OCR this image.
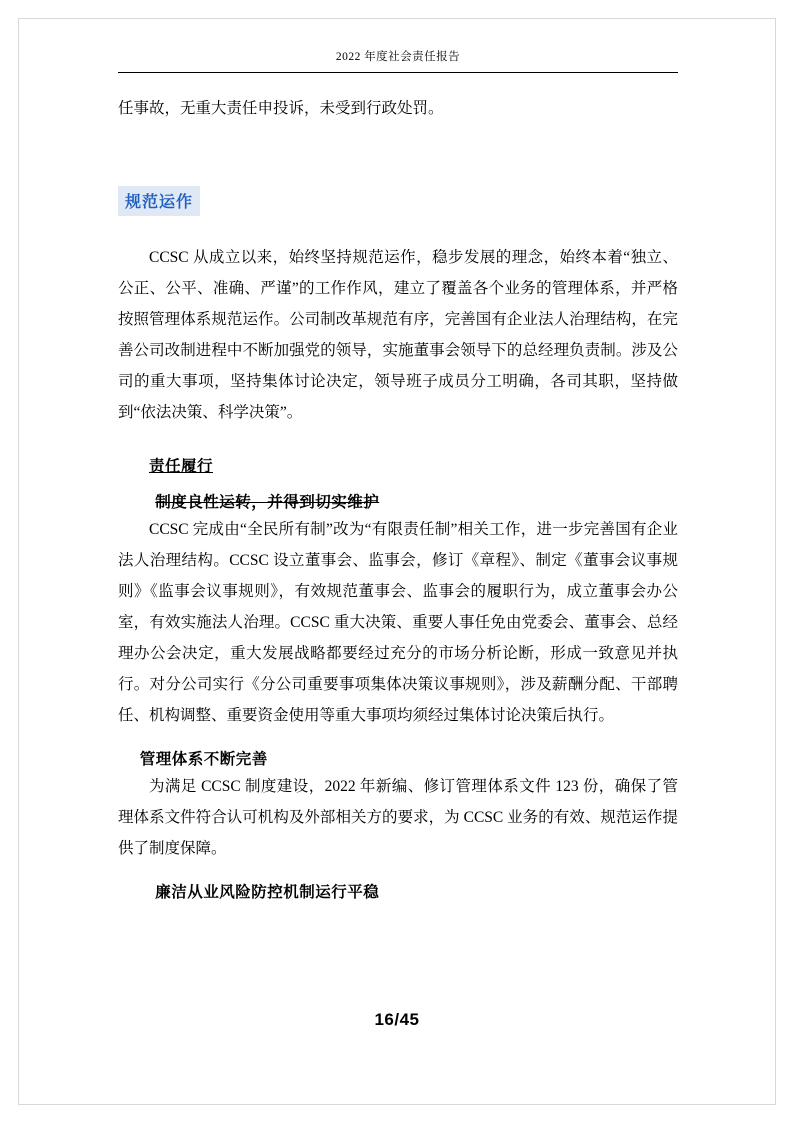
2022 年度社会责任报告

任事故，无重大责任申投诉，未受到行政处罚。

规范运作

CCSC 从成立以来，始终坚持规范运作，稳步发展的理念，始终本着“独立、公正、公平、准确、严谨”的工作作风，建立了覆盖各个业务的管理体系，并严格按照管理体系规范运作。公司制改革规范有序，完善国有企业法人治理结构，在完善公司改制进程中不断加强党的领导，实施董事会领导下的总经理负责制。涉及公司的重大事项，坚持集体讨论决定，领导班子成员分工明确，各司其职，坚持做到“依法决策、科学决策”。

责任履行
制度良性运转，并得到切实维护

CCSC 完成由“全民所有制”改为“有限责任制”相关工作，进一步完善国有企业法人治理结构。CCSC 设立董事会、监事会，修订《章程》、制定《董事会议事规则》《监事会议事规则》，有效规范董事会、监事会的履职行为，成立董事会办公室，有效实施法人治理。CCSC 重大决策、重要人事任免由党委会、董事会、总经理办公会决定，重大发展战略都要经过充分的市场分析论断，形成一致意见并执行。对分公司实行《分公司重要事项集体决策议事规则》，涉及薪酬分配、干部聘任、机构调整、重要资金使用等重大事项均须经过集体讨论决策后执行。

管理体系不断完善

为满足 CCSC 制度建设，2022 年新编、修订管理体系文件 123 份，确保了管理体系文件符合认可机构及外部相关方的要求，为 CCSC 业务的有效、规范运作提供了制度保障。

廉洁从业风险防控机制运行平稳
16/45
